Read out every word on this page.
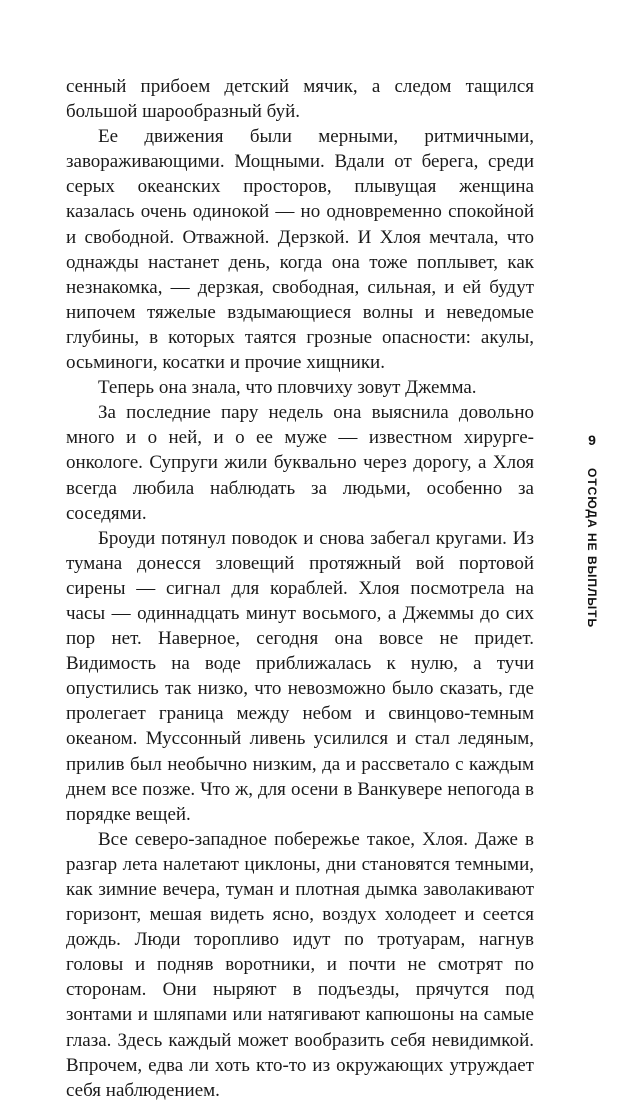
сенный прибоем детский мячик, а следом тащился большой шарообразный буй.

Ее движения были мерными, ритмичными, завораживающими. Мощными. Вдали от берега, среди серых океанских просторов, плывущая женщина казалась очень одинокой — но одновременно спокойной и свободной. Отважной. Дерзкой. И Хлоя мечтала, что однажды настанет день, когда она тоже поплывет, как незнакомка, — дерзкая, свободная, сильная, и ей будут нипочем тяжелые вздымающиеся волны и неведомые глубины, в которых таятся грозные опасности: акулы, осьминоги, косатки и прочие хищники.

Теперь она знала, что пловчиху зовут Джемма.

За последние пару недель она выяснила довольно много и о ней, и о ее муже — известном хирурге-онкологе. Супруги жили буквально через дорогу, а Хлоя всегда любила наблюдать за людьми, особенно за соседями.

Броуди потянул поводок и снова забегал кругами. Из тумана донесся зловещий протяжный вой портовой сирены — сигнал для кораблей. Хлоя посмотрела на часы — одиннадцать минут восьмого, а Джеммы до сих пор нет. Наверное, сегодня она вовсе не придет. Видимость на воде приближалась к нулю, а тучи опустились так низко, что невозможно было сказать, где пролегает граница между небом и свинцово-темным океаном. Муссонный ливень усилился и стал ледяным, прилив был необычно низким, да и рассветало с каждым днем все позже. Что ж, для осени в Ванкувере непогода в порядке вещей.

Все северо-западное побережье такое, Хлоя. Даже в разгар лета налетают циклоны, дни становятся темными, как зимние вечера, туман и плотная дымка заволакивают горизонт, мешая видеть ясно, воздух холодеет и сеется дождь. Люди торопливо идут по тротуарам, нагнув головы и подняв воротники, и почти не смотрят по сторонам. Они ныряют в подъезды, прячутся под зонтами и шляпами или натягивают капюшоны на самые глаза. Здесь каждый может вообразить себя невидимкой. Впрочем, едва ли хоть кто-то из окружающих утруждает себя наблюдением.

9
ОТСЮДА НЕ ВЫПЛЫТЬ
